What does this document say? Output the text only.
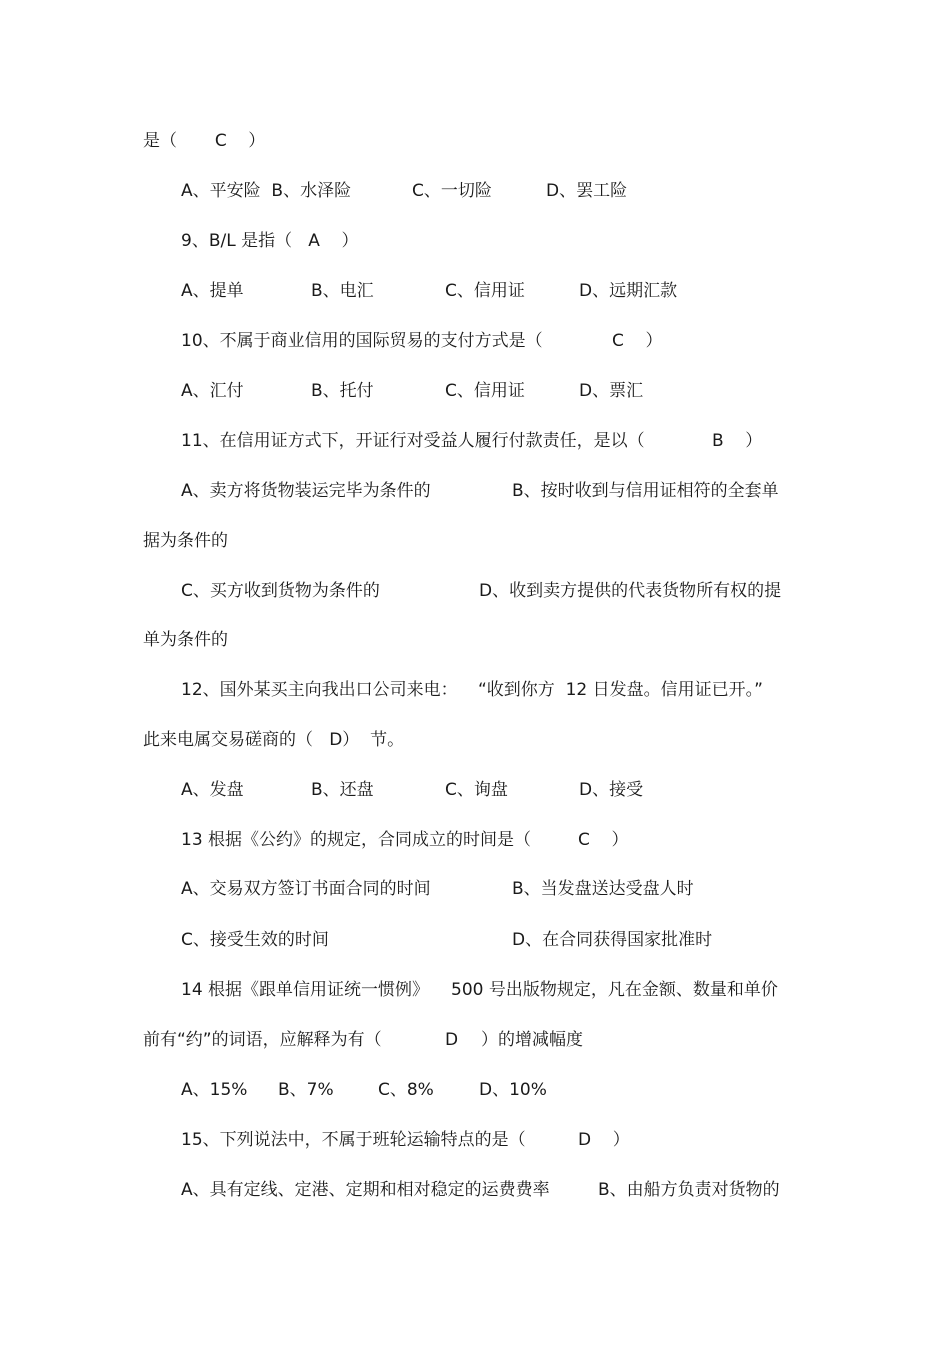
是（       C    ）

A、平安险  B、水泽险

	C、一切险

	D、罢工险

9、B/L 是指（   A    ）

A、提单

	B、电汇

	C、信用证

	D、远期汇款

10、不属于商业信用的国际贸易的支付方式是（

	C    ）

A、汇付

	B、托付

	C、信用证

	D、票汇

11、在信用证方式下，开证行对受益人履行付款责任，是以（

	B    ）

A、卖方将货物装运完毕为条件的

	B、按时收到与信用证相符的全套单

据为条件的

C、买方收到货物为条件的

	D、收到卖方提供的代表货物所有权的提

单为条件的

12、国外某买主向我出口公司来电：

“收到你方  12 日发盘。信用证已开。”

此来电属交易磋商的（   D）  节。

A、发盘

	B、还盘

	C、询盘

	D、接受

13 根据《公约》的规定，合同成立的时间是（

	C    ）

A、交易双方签订书面合同的时间

	B、当发盘送达受盘人时

C、接受生效的时间

	D、在合同获得国家批准时

14 根据《跟单信用证统一惯例》

500 号出版物规定，凡在金额、数量和单价

前有“约”的词语，应解释为有（

	D

）的增减幅度

A、15%

B、7%

	C、8%

	D、10%

15、下列说法中，不属于班轮运输特点的是（

	D    ）

A、具有定线、定港、定期和相对稳定的运费费率

	B、由船方负责对货物的
